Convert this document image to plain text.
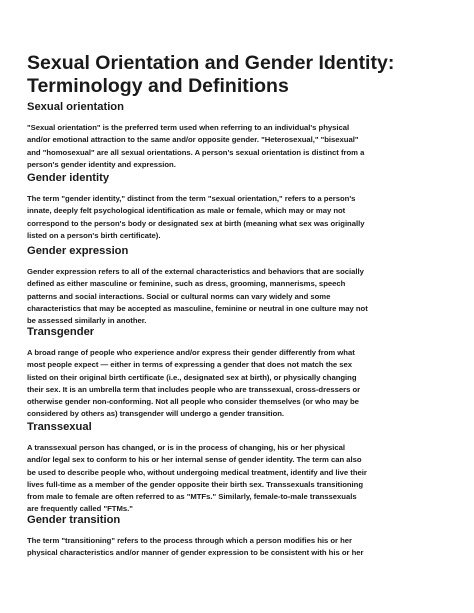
Sexual Orientation and Gender Identity:
Terminology and Definitions
Sexual orientation

"Sexual orientation" is the preferred term used when referring to an individual's physical
and/or emotional attraction to the same and/or opposite gender. "Heterosexual," "bisexual"
and "homosexual" are all sexual orientations. A person's sexual orientation is distinct from a
person's gender identity and expression.

Gender identity

The term "gender identity," distinct from the term "sexual orientation," refers to a person's
innate, deeply felt psychological identification as male or female, which may or may not
correspond to the person's body or designated sex at birth (meaning what sex was originally
listed on a person's birth certificate).

Gender expression

Gender expression refers to all of the external characteristics and behaviors that are socially
defined as either masculine or feminine, such as dress, grooming, mannerisms, speech
patterns and social interactions. Social or cultural norms can vary widely and some
characteristics that may be accepted as masculine, feminine or neutral in one culture may not
be assessed similarly in another.

Transgender

A broad range of people who experience and/or express their gender differently from what
most people expect — either in terms of expressing a gender that does not match the sex
listed on their original birth certificate (i.e., designated sex at birth), or physically changing
their sex. It is an umbrella term that includes people who are transsexual, cross-dressers or
otherwise gender non-conforming. Not all people who consider themselves (or who may be
considered by others as) transgender will undergo a gender transition.

Transsexual

A transsexual person has changed, or is in the process of changing, his or her physical
and/or legal sex to conform to his or her internal sense of gender identity. The term can also
be used to describe people who, without undergoing medical treatment, identify and live their
lives full-time as a member of the gender opposite their birth sex. Transsexuals transitioning
from male to female are often referred to as "MTFs." Similarly, female-to-male transsexuals
are frequently called "FTMs."

Gender transition

The term "transitioning" refers to the process through which a person modifies his or her
physical characteristics and/or manner of gender expression to be consistent with his or her
